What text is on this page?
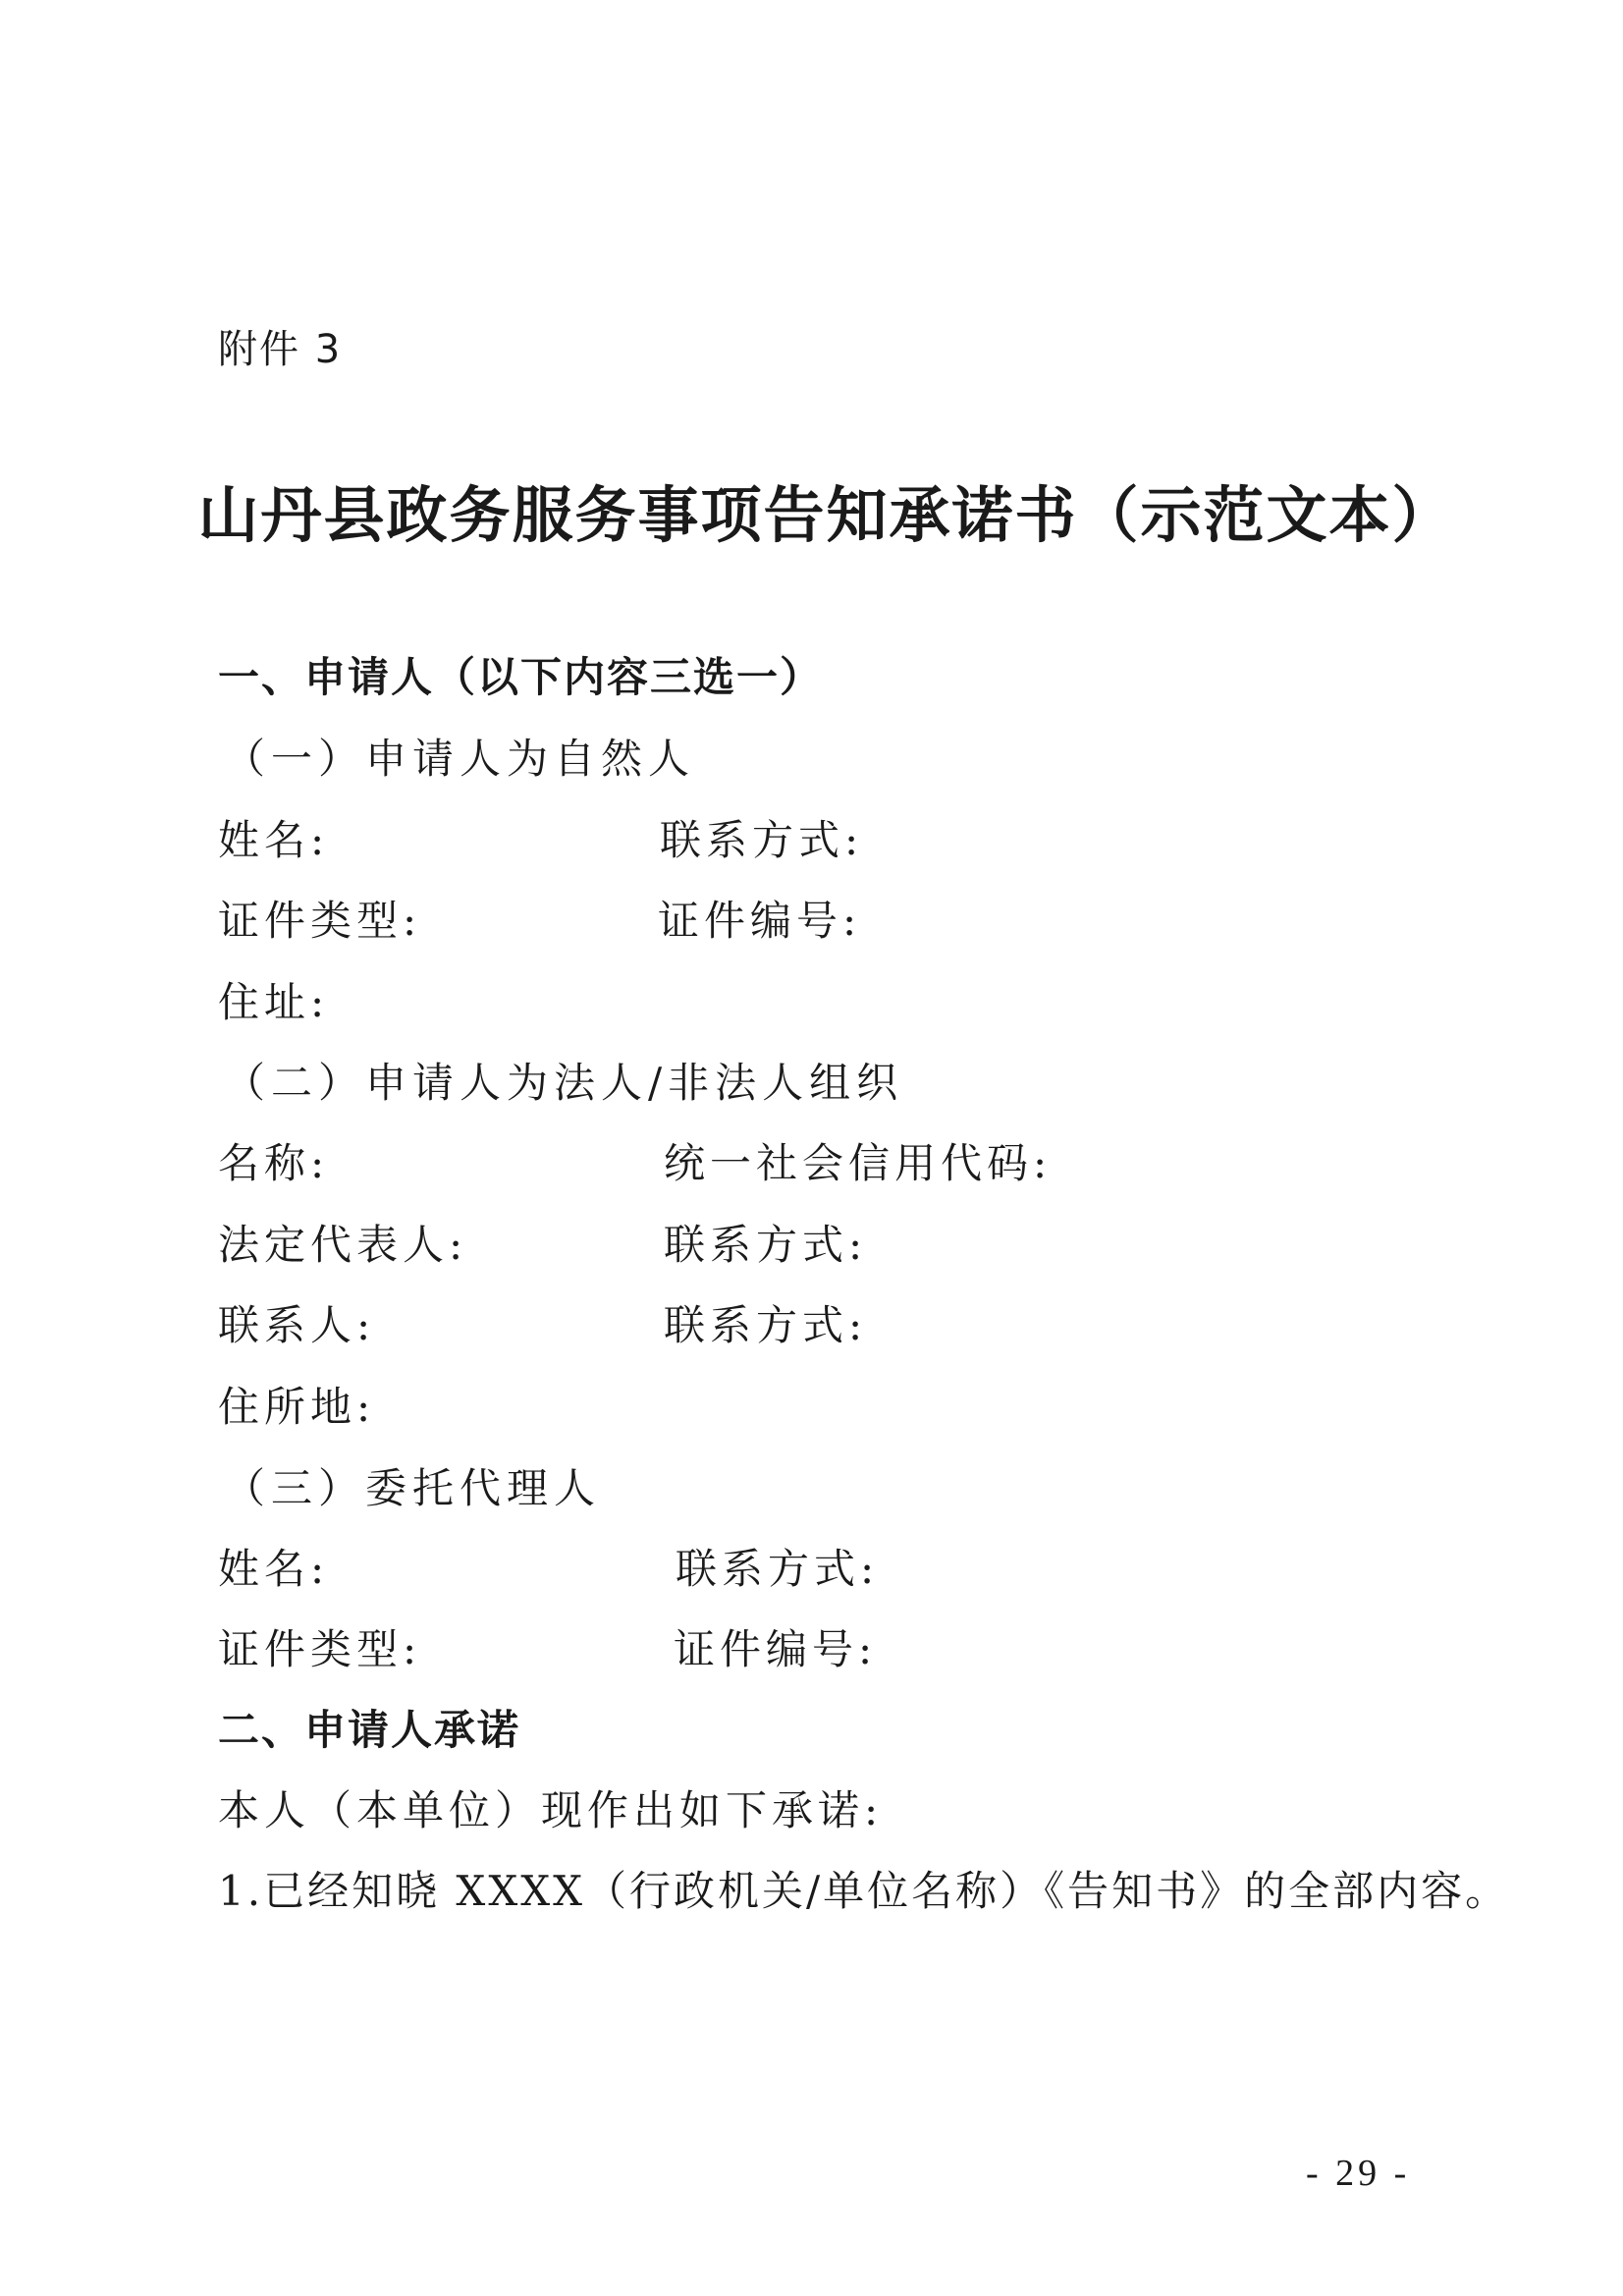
附件 3
山丹县政务服务事项告知承诺书（示范文本）
一、申请人（以下内容三选一）
（一）申请人为自然人
姓名:	联系方式:
证件类型:	证件编号:
住址:
（二）申请人为法人/非法人组织
名称:	统一社会信用代码:
法定代表人:	联系方式:
联系人:	联系方式:
住所地:
（三）委托代理人
姓名:	联系方式:
证件类型:	证件编号:
二、申请人承诺
本人（本单位）现作出如下承诺:
1.已经知晓 XXXX（行政机关/单位名称）《告知书》的全部内容。
- 29 -
